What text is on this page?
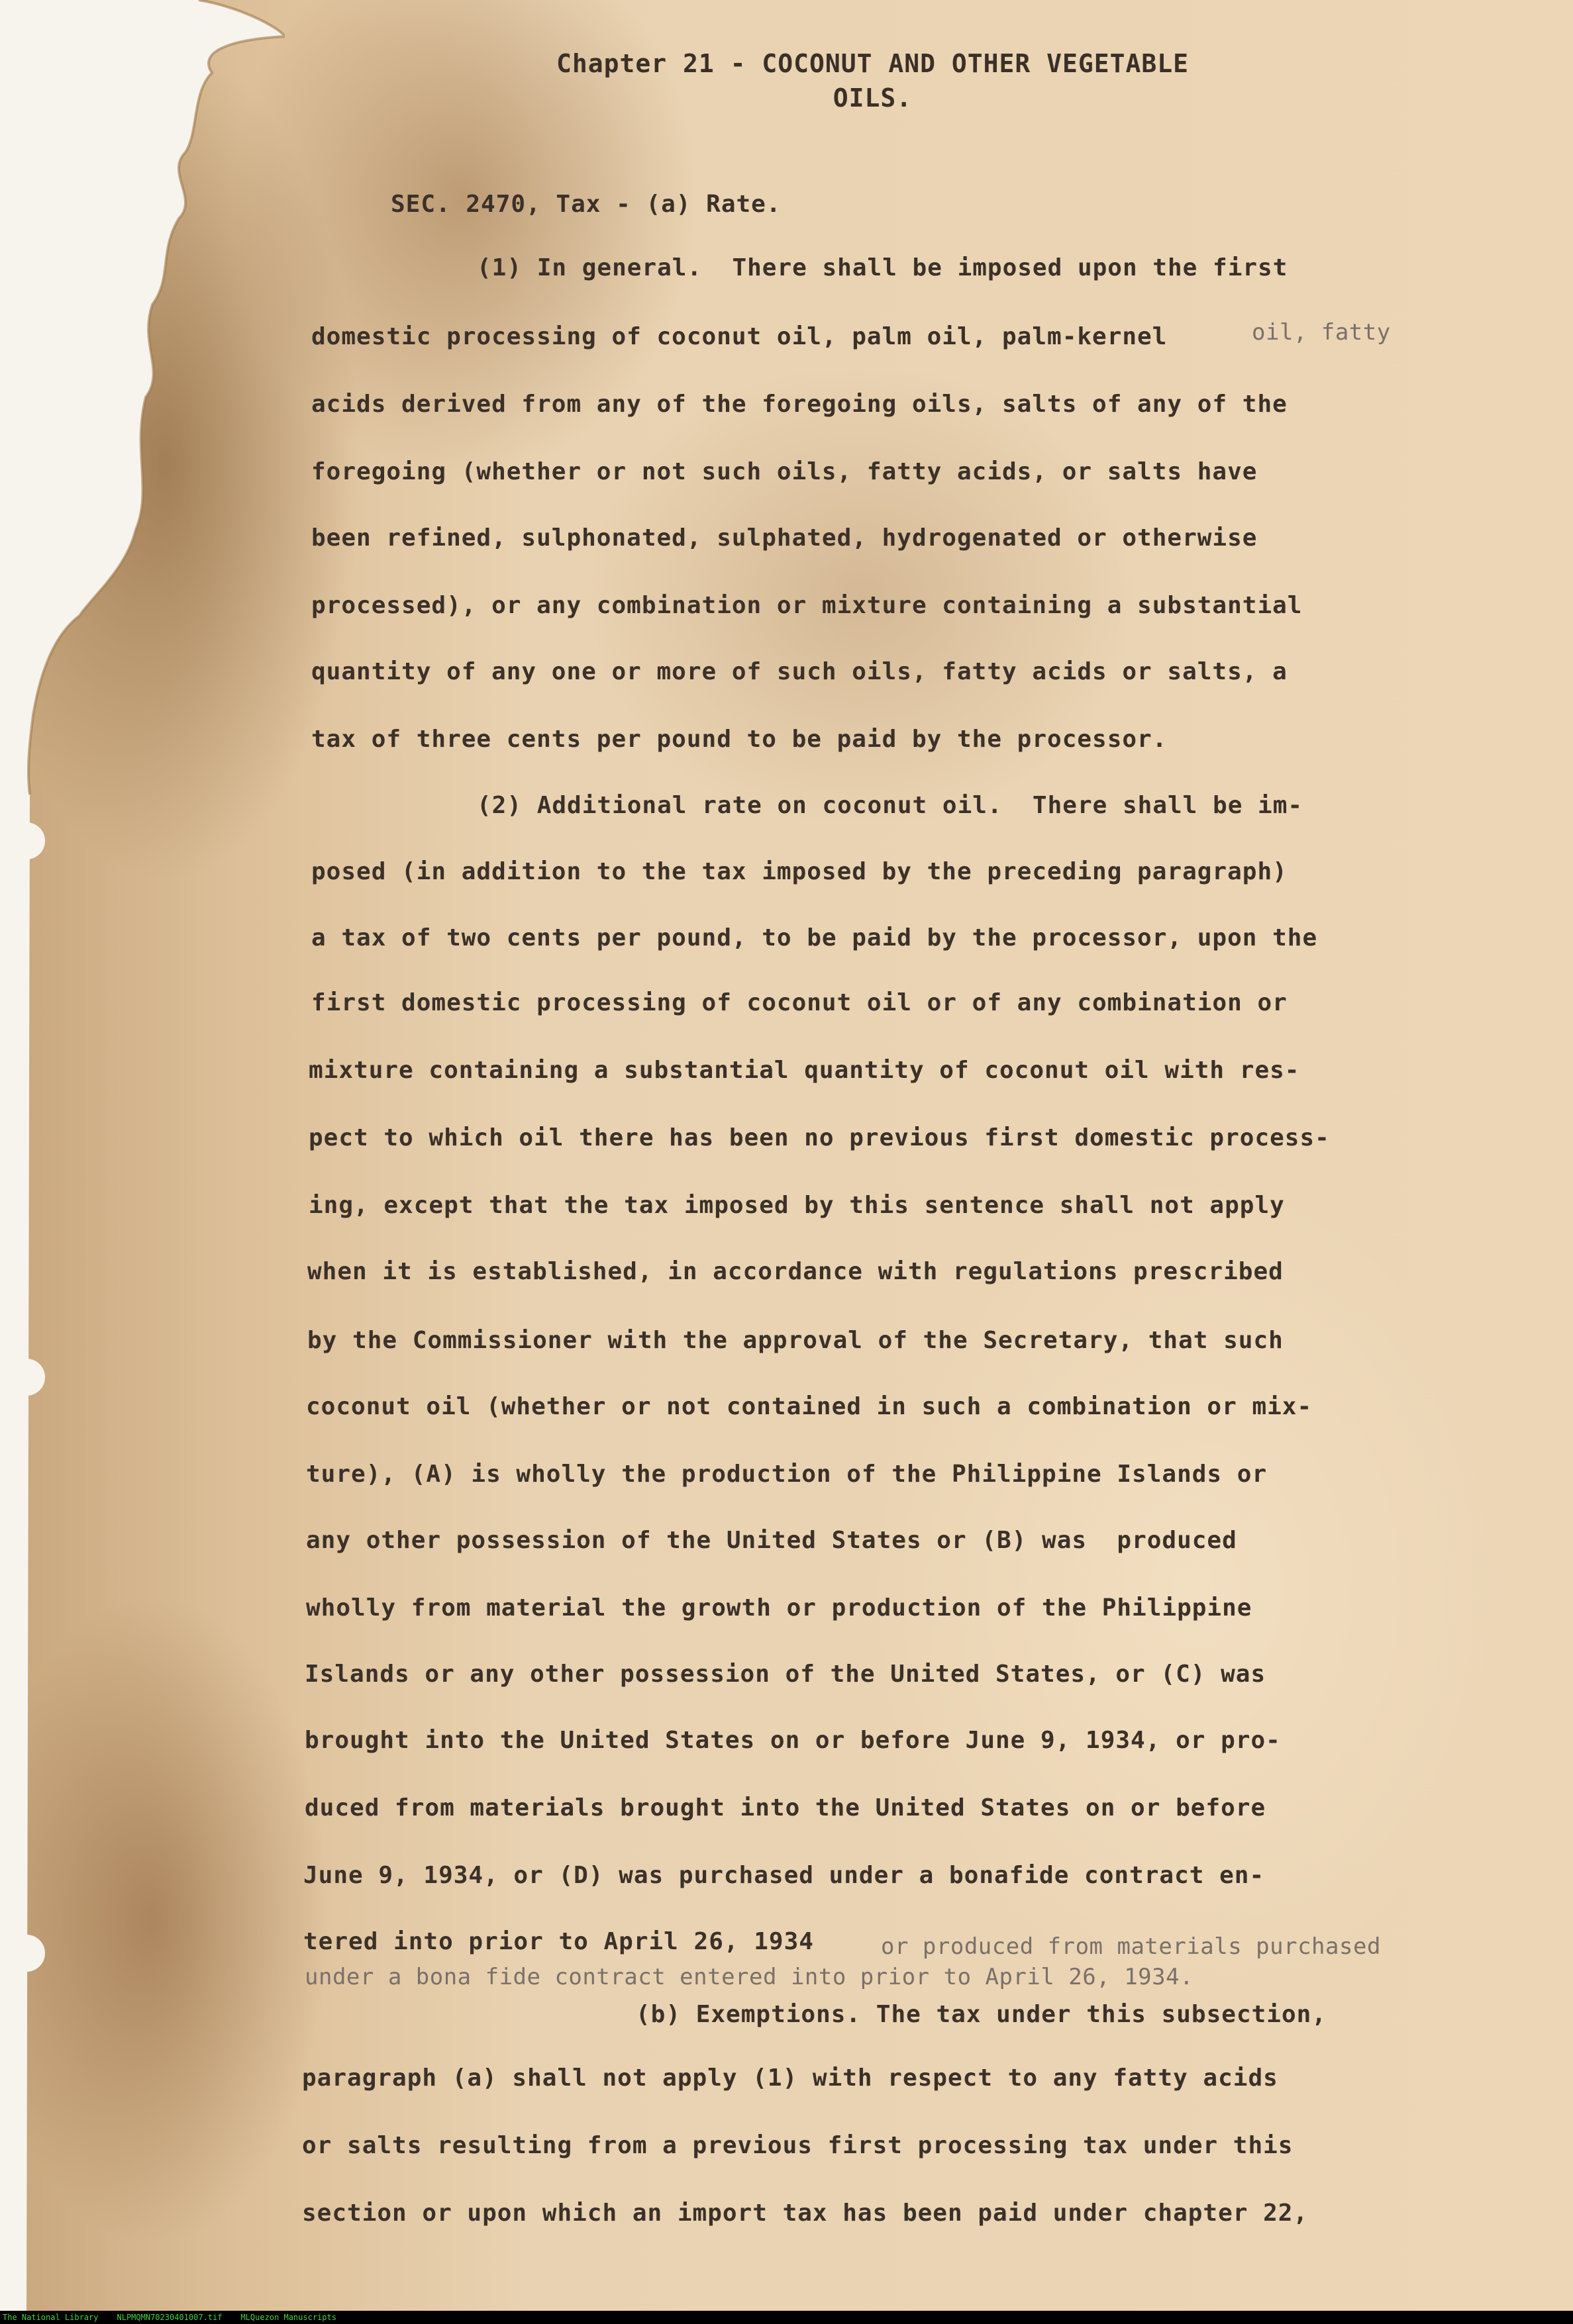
Chapter 21 - COCONUT AND OTHER VEGETABLE
OILS.
SEC. 2470, Tax - (a) Rate.
(1) In general.  There shall be imposed upon the first
domestic processing of coconut oil, palm oil, palm-kernel
acids derived from any of the foregoing oils, salts of any of the
foregoing (whether or not such oils, fatty acids, or salts have
been refined, sulphonated, sulphated, hydrogenated or otherwise
processed), or any combination or mixture containing a substantial
quantity of any one or more of such oils, fatty acids or salts, a
tax of three cents per pound to be paid by the processor.
(2) Additional rate on coconut oil.  There shall be im-
posed (in addition to the tax imposed by the preceding paragraph)
a tax of two cents per pound, to be paid by the processor, upon the
first domestic processing of coconut oil or of any combination or
mixture containing a substantial quantity of coconut oil with res-
pect to which oil there has been no previous first domestic process-
ing, except that the tax imposed by this sentence shall not apply
when it is established, in accordance with regulations prescribed
by the Commissioner with the approval of the Secretary, that such
coconut oil (whether or not contained in such a combination or mix-
ture), (A) is wholly the production of the Philippine Islands or
any other possession of the United States or (B) was  produced
wholly from material the growth or production of the Philippine
Islands or any other possession of the United States, or (C) was
brought into the United States on or before June 9, 1934, or pro-
duced from materials brought into the United States on or before
June 9, 1934, or (D) was purchased under a bonafide contract en-
tered into prior to April 26, 1934
(b) Exemptions. The tax under this subsection,
paragraph (a) shall not apply (1) with respect to any fatty acids
or salts resulting from a previous first processing tax under this
section or upon which an import tax has been paid under chapter 22,
oil, fatty
or produced from materials purchased
under a bona fide contract entered into prior to April 26, 1934.
The National Library NLPMQMN70230401007.tif MLQuezon Manuscripts
